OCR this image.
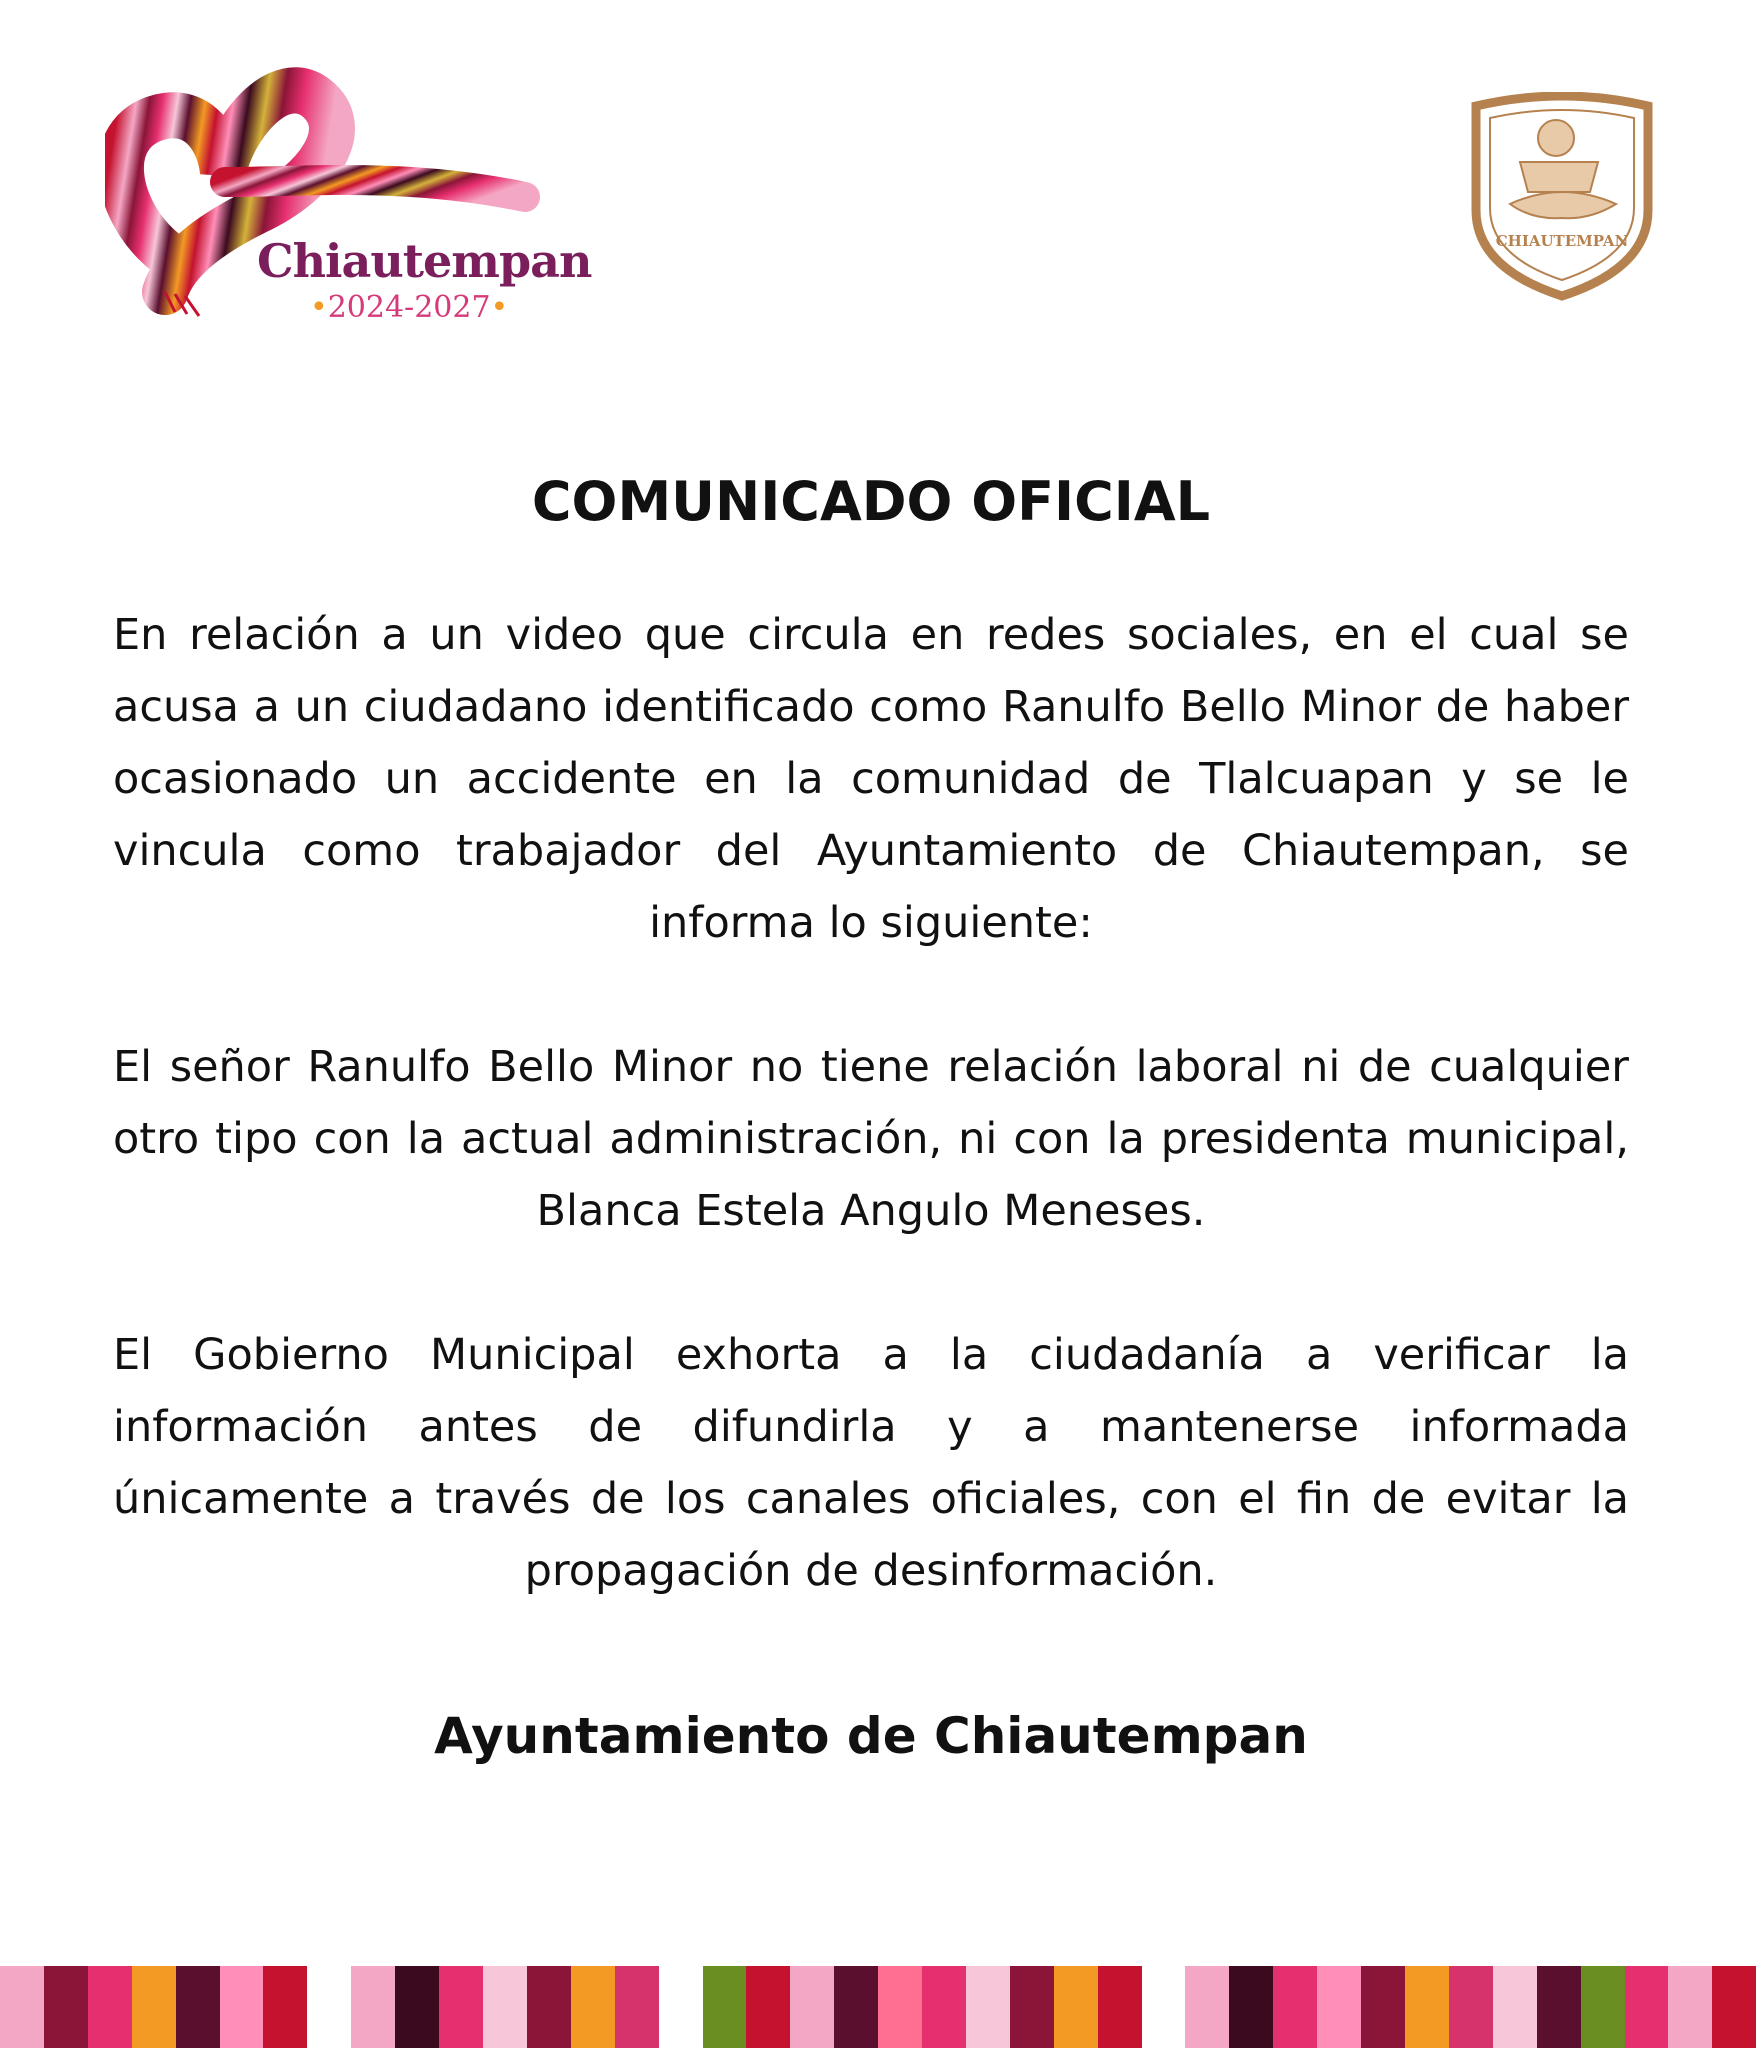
Chiautempan
•2024-2027•
CHIAUTEMPAN
COMUNICADO OFICIAL

En relación a un video que circula en redes sociales, en el cual se acusa a un ciudadano identificado como Ranulfo Bello Minor de haber ocasionado un accidente en la comunidad de Tlalcuapan y se le vincula como trabajador del Ayuntamiento de Chiautempan, se informa lo siguiente:

El señor Ranulfo Bello Minor no tiene relación laboral ni de cualquier otro tipo con la actual administración, ni con la presidenta municipal, Blanca Estela Angulo Meneses.

El Gobierno Municipal exhorta a la ciudadanía a verificar la información antes de difundirla y a mantenerse informada únicamente a través de los canales oficiales, con el fin de evitar la propagación de desinformación.

Ayuntamiento de Chiautempan
